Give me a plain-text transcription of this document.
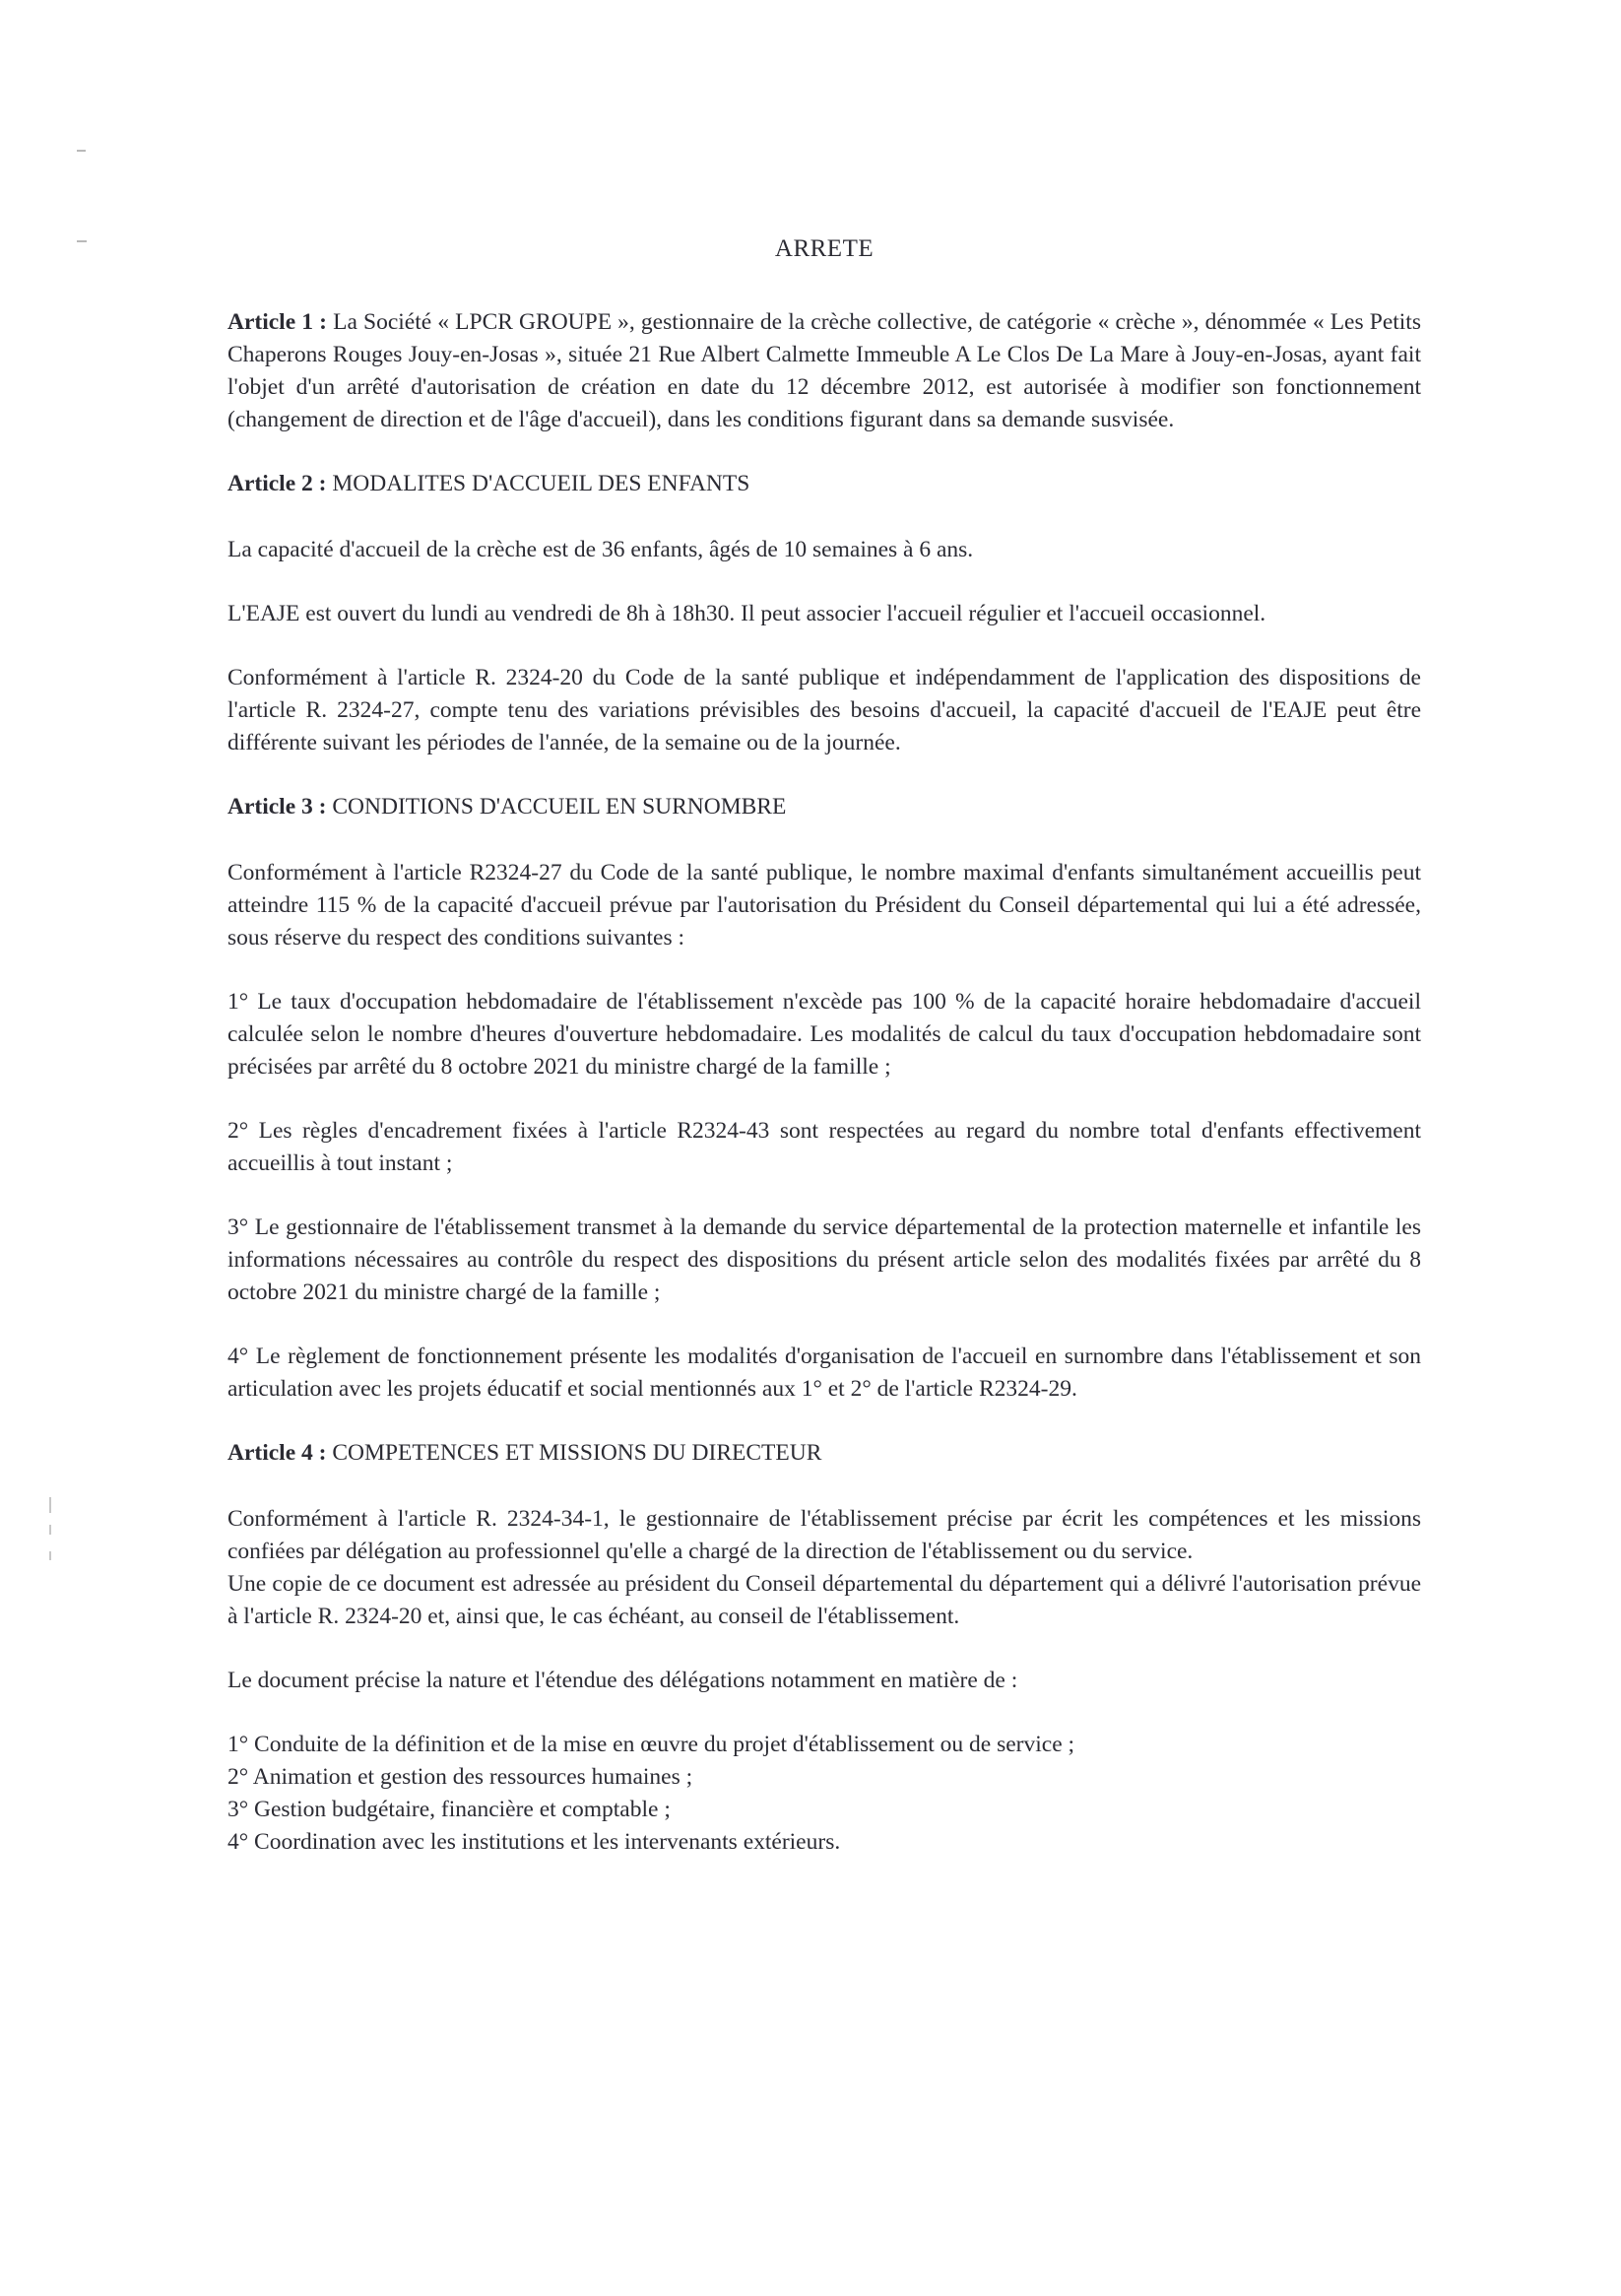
ARRETE

Article 1 : La Société « LPCR GROUPE », gestionnaire de la crèche collective, de catégorie « crèche », dénommée « Les Petits Chaperons Rouges Jouy-en-Josas », située 21 Rue Albert Calmette Immeuble A Le Clos De La Mare à Jouy-en-Josas, ayant fait l'objet d'un arrêté d'autorisation de création en date du 12 décembre 2012, est autorisée à modifier son fonctionnement (changement de direction et de l'âge d'accueil), dans les conditions figurant dans sa demande susvisée.

Article 2 : MODALITES D'ACCUEIL DES ENFANTS

La capacité d'accueil de la crèche est de 36 enfants, âgés de 10 semaines à 6 ans.

L'EAJE est ouvert du lundi au vendredi de 8h à 18h30. Il peut associer l'accueil régulier et l'accueil occasionnel.

Conformément à l'article R. 2324-20 du Code de la santé publique et indépendamment de l'application des dispositions de l'article R. 2324-27, compte tenu des variations prévisibles des besoins d'accueil, la capacité d'accueil de l'EAJE peut être différente suivant les périodes de l'année, de la semaine ou de la journée.

Article 3 : CONDITIONS D'ACCUEIL EN SURNOMBRE

Conformément à l'article R2324-27 du Code de la santé publique, le nombre maximal d'enfants simultanément accueillis peut atteindre 115 % de la capacité d'accueil prévue par l'autorisation du Président du Conseil départemental qui lui a été adressée, sous réserve du respect des conditions suivantes :

1° Le taux d'occupation hebdomadaire de l'établissement n'excède pas 100 % de la capacité horaire hebdomadaire d'accueil calculée selon le nombre d'heures d'ouverture hebdomadaire. Les modalités de calcul du taux d'occupation hebdomadaire sont précisées par arrêté du 8 octobre 2021 du ministre chargé de la famille ;

2° Les règles d'encadrement fixées à l'article R2324-43 sont respectées au regard du nombre total d'enfants effectivement accueillis à tout instant ;

3° Le gestionnaire de l'établissement transmet à la demande du service départemental de la protection maternelle et infantile les informations nécessaires au contrôle du respect des dispositions du présent article selon des modalités fixées par arrêté du 8 octobre 2021 du ministre chargé de la famille ;

4° Le règlement de fonctionnement présente les modalités d'organisation de l'accueil en surnombre dans l'établissement et son articulation avec les projets éducatif et social mentionnés aux 1° et 2° de l'article R2324-29.

Article 4 : COMPETENCES ET MISSIONS DU DIRECTEUR

Conformément à l'article R. 2324-34-1, le gestionnaire de l'établissement précise par écrit les compétences et les missions confiées par délégation au professionnel qu'elle a chargé de la direction de l'établissement ou du service.

Une copie de ce document est adressée au président du Conseil départemental du département qui a délivré l'autorisation prévue à l'article R. 2324-20 et, ainsi que, le cas échéant, au conseil de l'établissement.

Le document précise la nature et l'étendue des délégations notamment en matière de :

1° Conduite de la définition et de la mise en œuvre du projet d'établissement ou de service ;

2° Animation et gestion des ressources humaines ;

3° Gestion budgétaire, financière et comptable ;

4° Coordination avec les institutions et les intervenants extérieurs.
